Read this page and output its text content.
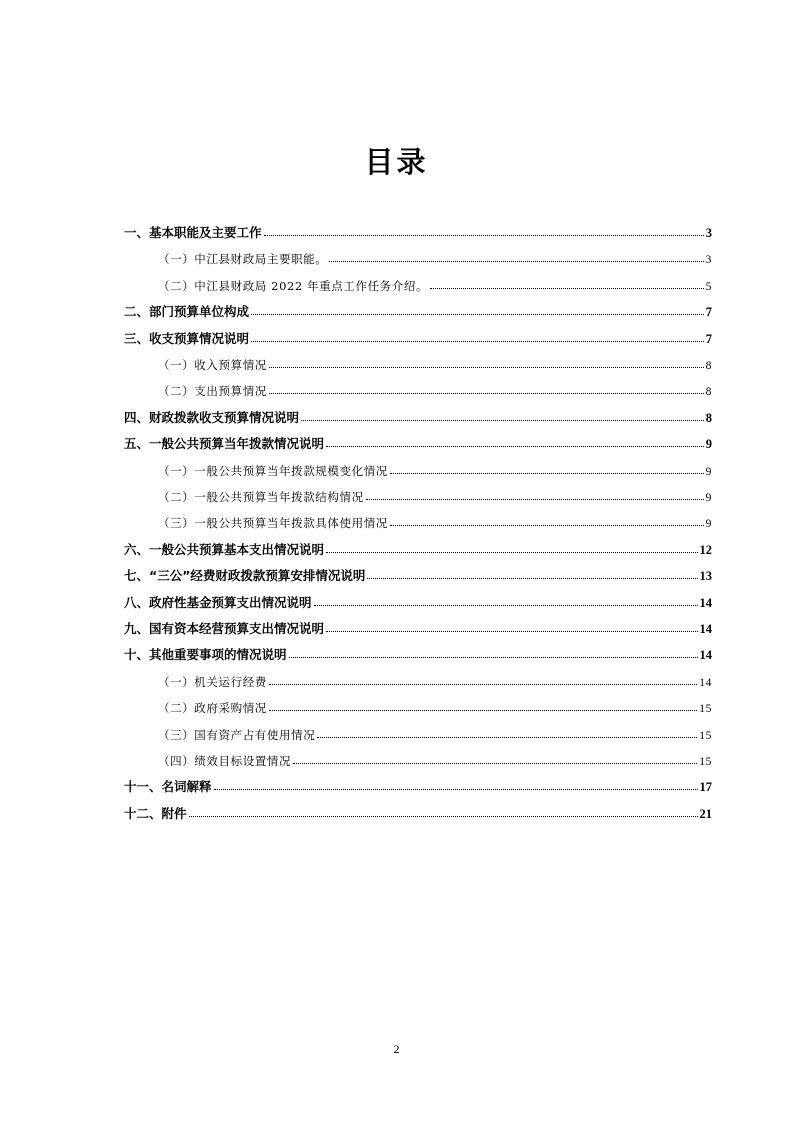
目录
一、基本职能及主要工作	3
（一）中江县财政局主要职能。	3
（二）中江县财政局 2022 年重点工作任务介绍。	5
二、部门预算单位构成	7
三、收支预算情况说明	7
（一）收入预算情况	8
（二）支出预算情况	8
四、财政拨款收支预算情况说明	8
五、一般公共预算当年拨款情况说明	9
（一）一般公共预算当年拨款规模变化情况	9
（二）一般公共预算当年拨款结构情况	9
（三）一般公共预算当年拨款具体使用情况	9
六、一般公共预算基本支出情况说明	12
七、“三公”经费财政拨款预算安排情况说明	13
八、政府性基金预算支出情况说明	14
九、国有资本经营预算支出情况说明	14
十、其他重要事项的情况说明	14
（一）机关运行经费	14
（二）政府采购情况	15
（三）国有资产占有使用情况	15
（四）绩效目标设置情况	15
十一、名词解释	17
十二、附件	21
2
